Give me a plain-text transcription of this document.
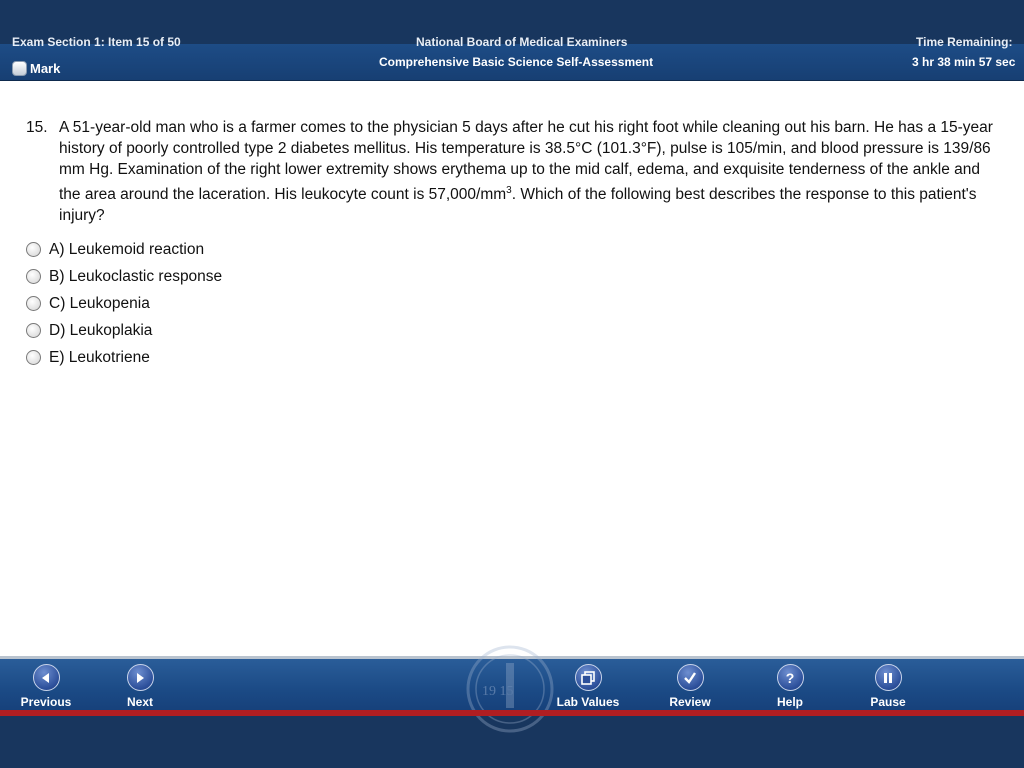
Exam Section 1: Item 15 of 50	National Board of Medical Examiners	Time Remaining:
Mark	Comprehensive Basic Science Self-Assessment	3 hr 38 min 57 sec
15. A 51-year-old man who is a farmer comes to the physician 5 days after he cut his right foot while cleaning out his barn. He has a 15-year history of poorly controlled type 2 diabetes mellitus. His temperature is 38.5°C (101.3°F), pulse is 105/min, and blood pressure is 139/86 mm Hg. Examination of the right lower extremity shows erythema up to the mid calf, edema, and exquisite tenderness of the ankle and the area around the laceration. His leukocyte count is $57,000/mm^3$. Which of the following best describes the response to this patient's injury?
A) Leukemoid reaction
B) Leukoclastic response
C) Leukopenia
D) Leukoplakia
E) Leukotriene
19 15
Previous	Next	Lab Values	Review
?
Help	Pause
